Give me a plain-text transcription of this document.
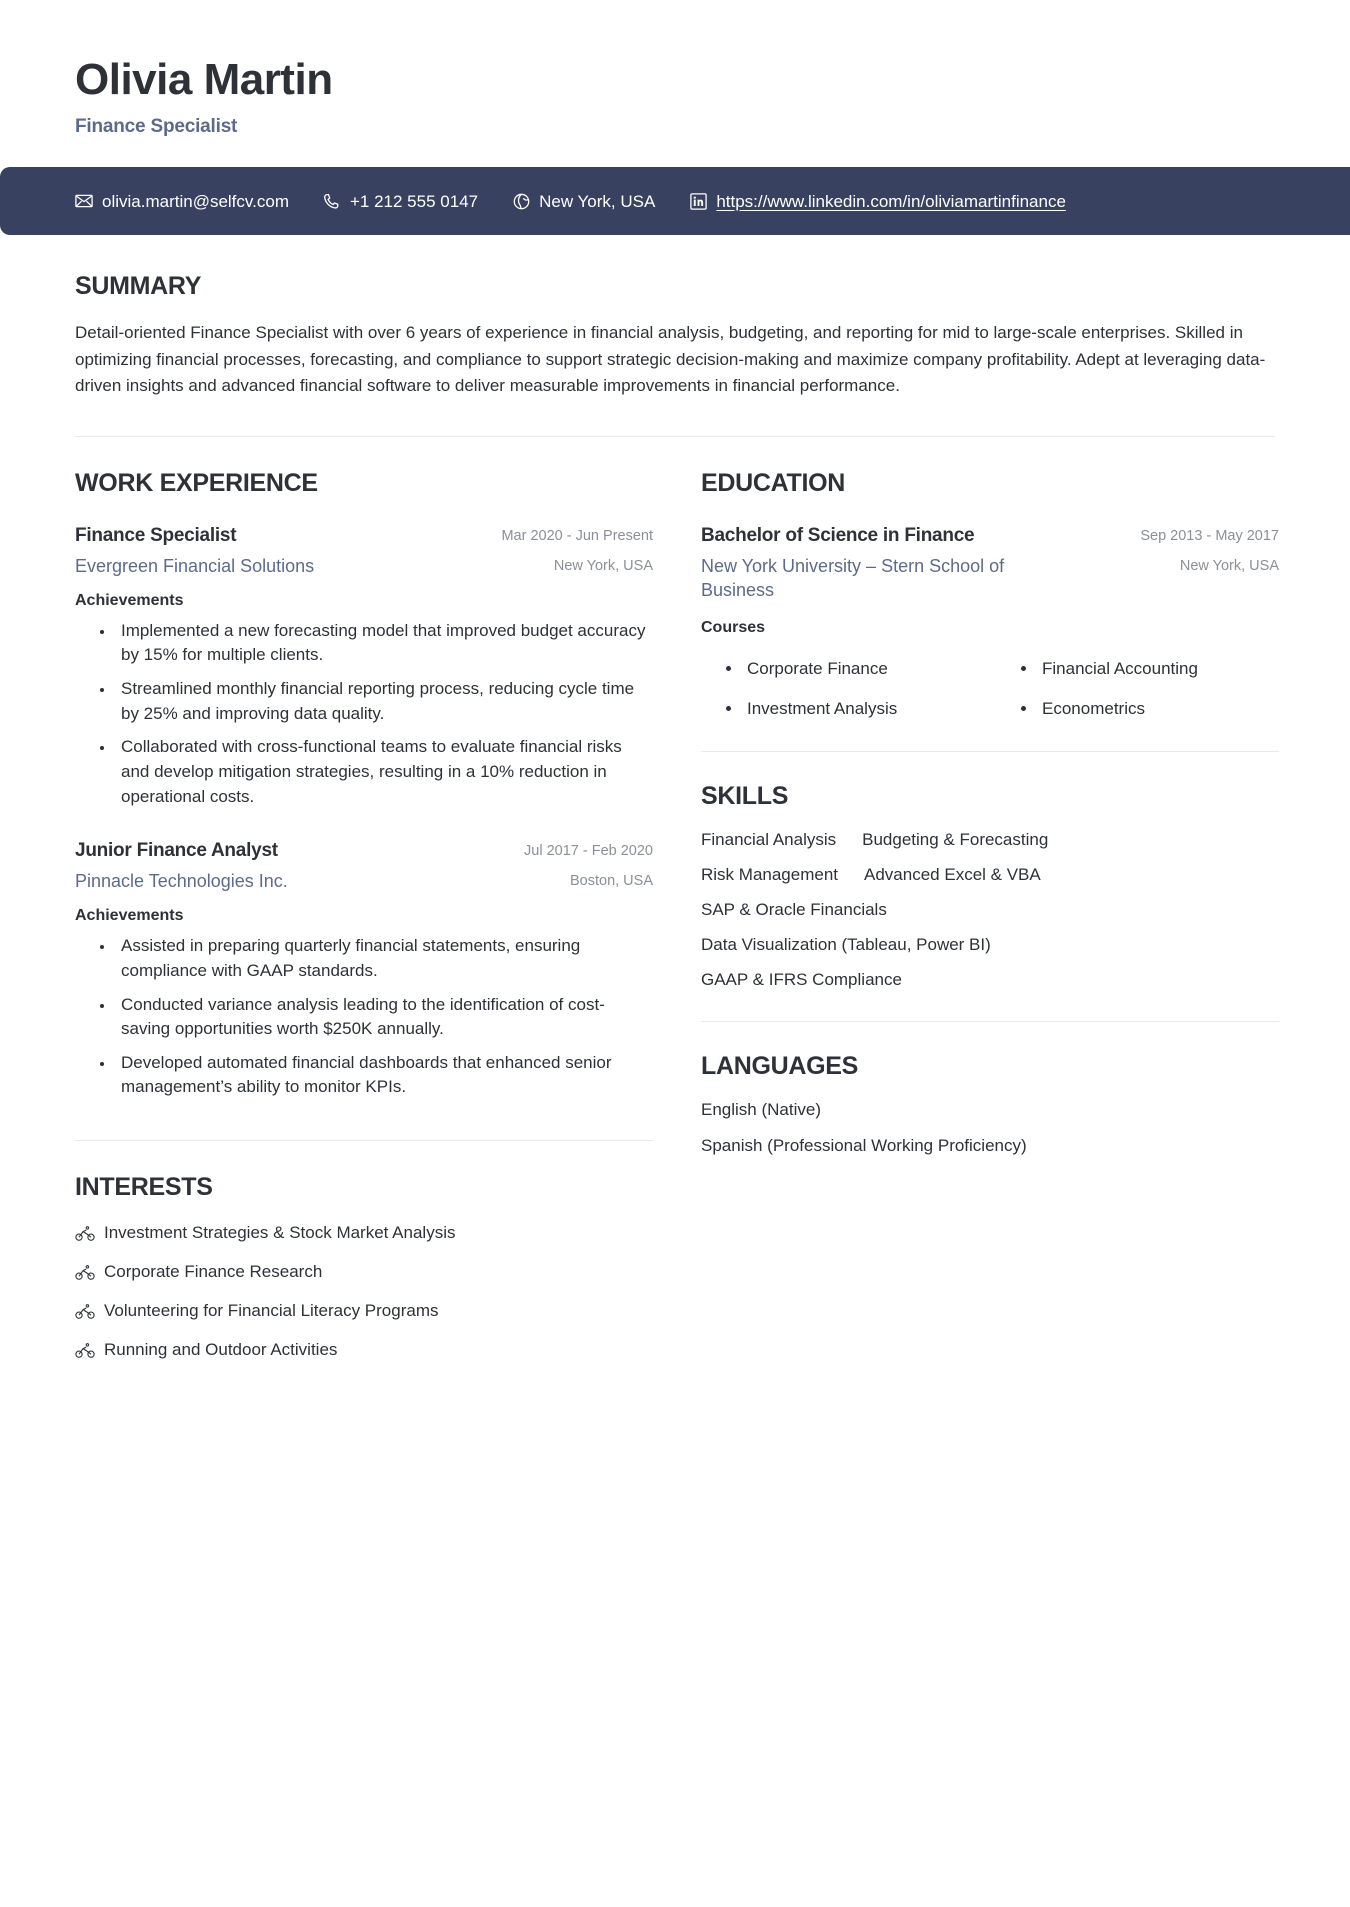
Olivia Martin
Finance Specialist
olivia.martin@selfcv.com	+1 212 555 0147	New York, USA	https://www.linkedin.com/in/oliviamartinfinance
SUMMARY
Detail-oriented Finance Specialist with over 6 years of experience in financial analysis, budgeting, and reporting for mid to large-scale enterprises. Skilled in optimizing financial processes, forecasting, and compliance to support strategic decision-making and maximize company profitability. Adept at leveraging data-driven insights and advanced financial software to deliver measurable improvements in financial performance.
WORK EXPERIENCE
Finance Specialist	Mar 2020 - Jun Present
Evergreen Financial Solutions	New York, USA
Achievements
• Implemented a new forecasting model that improved budget accuracy by 15% for multiple clients.
• Streamlined monthly financial reporting process, reducing cycle time by 25% and improving data quality.
• Collaborated with cross-functional teams to evaluate financial risks and develop mitigation strategies, resulting in a 10% reduction in operational costs.
Junior Finance Analyst	Jul 2017 - Feb 2020
Pinnacle Technologies Inc.	Boston, USA
Achievements
• Assisted in preparing quarterly financial statements, ensuring compliance with GAAP standards.
• Conducted variance analysis leading to the identification of cost-saving opportunities worth $250K annually.
• Developed automated financial dashboards that enhanced senior management’s ability to monitor KPIs.
INTERESTS
Investment Strategies & Stock Market Analysis
Corporate Finance Research
Volunteering for Financial Literacy Programs
Running and Outdoor Activities
EDUCATION
Bachelor of Science in Finance	Sep 2013 - May 2017
New York University – Stern School of Business
New York, USA
Courses
• Corporate Finance
• Investment Analysis
• Financial Accounting
• Econometrics
SKILLS
Financial Analysis Budgeting & Forecasting
Risk Management Advanced Excel & VBA
SAP & Oracle Financials
Data Visualization (Tableau, Power BI)
GAAP & IFRS Compliance
LANGUAGES
English (Native)
Spanish (Professional Working Proficiency)
